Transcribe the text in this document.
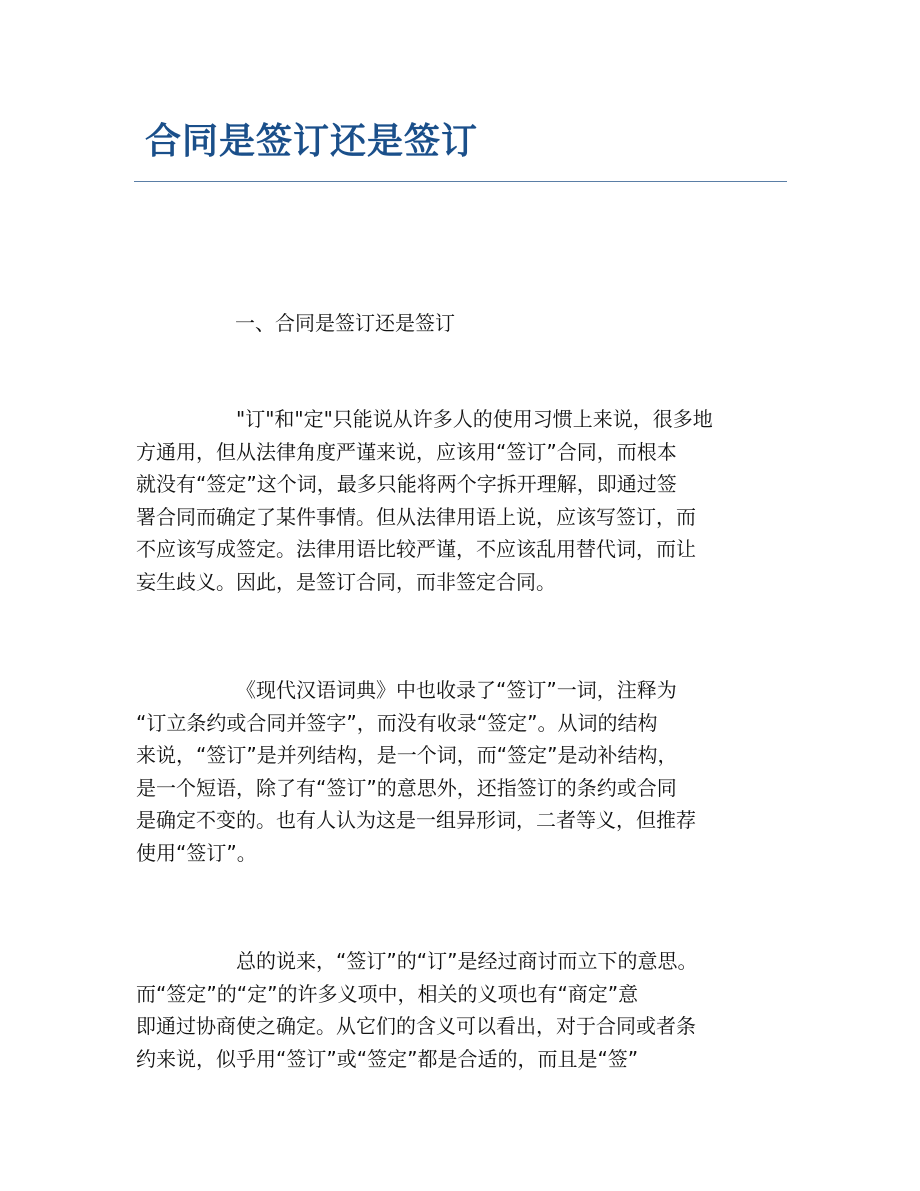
合同是签订还是签订
一、合同是签订还是签订

"订"和"定"只能说从许多人的使用习惯上来说，很多地
方通用，但从法律角度严谨来说，应该用“签订”合同，而根本
就没有“签定”这个词，最多只能将两个字拆开理解，即通过签
署合同而确定了某件事情。但从法律用语上说，应该写签订，而
不应该写成签定。法律用语比较严谨，不应该乱用替代词，而让
妄生歧义。因此，是签订合同，而非签定合同。

《现代汉语词典》中也收录了“签订”一词，注释为
“订立条约或合同并签字”，而没有收录“签定”。从词的结构
来说，“签订”是并列结构，是一个词，而“签定”是动补结构，
是一个短语，除了有“签订”的意思外，还指签订的条约或合同
是确定不变的。也有人认为这是一组异形词，二者等义，但推荐
使用“签订”。

总的说来，“签订”的“订”是经过商讨而立下的意思。
而“签定”的“定”的许多义项中，相关的义项也有“商定”意
即通过协商使之确定。从它们的含义可以看出，对于合同或者条
约来说，似乎用“签订”或“签定”都是合适的，而且是“签”
